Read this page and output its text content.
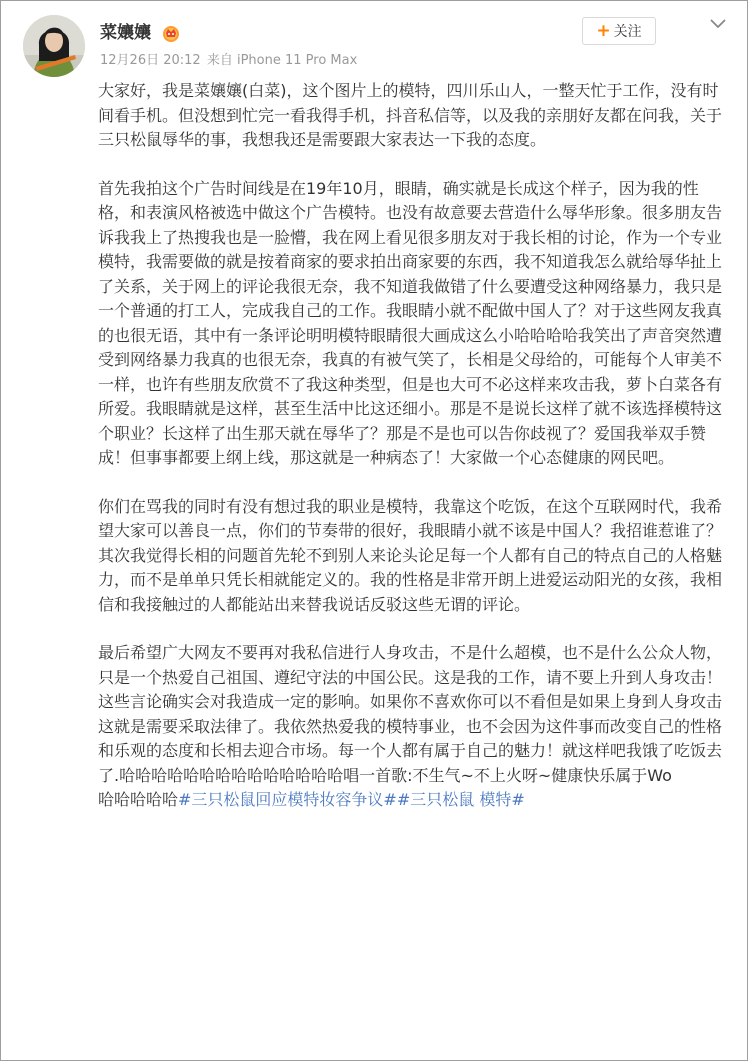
菜孃孃
12月26日 20:12 来自 iPhone 11 Pro Max
+ 关注

大家好，我是菜孃孃(白菜)，这个图片上的模特，四川乐山人，一整天忙于工作，没有时间看手机。但没想到忙完一看我得手机，抖音私信等，以及我的亲朋好友都在问我，关于三只松鼠辱华的事，我想我还是需要跟大家表达一下我的态度。

首先我拍这个广告时间线是在19年10月，眼睛，确实就是长成这个样子，因为我的性格，和表演风格被选中做这个广告模特。也没有故意要去营造什么辱华形象。很多朋友告诉我我上了热搜我也是一脸懵，我在网上看见很多朋友对于我长相的讨论，作为一个专业模特，我需要做的就是按着商家的要求拍出商家要的东西，我不知道我怎么就给辱华扯上了关系，关于网上的评论我很无奈，我不知道我做错了什么要遭受这种网络暴力，我只是一个普通的打工人，完成我自己的工作。我眼睛小就不配做中国人了？对于这些网友我真的也很无语，其中有一条评论明明模特眼睛很大画成这么小哈哈哈哈我笑出了声音突然遭受到网络暴力我真的也很无奈，我真的有被气笑了，长相是父母给的，可能每个人审美不一样，也许有些朋友欣赏不了我这种类型，但是也大可不必这样来攻击我，萝卜白菜各有所爱。我眼睛就是这样，甚至生活中比这还细小。那是不是说长这样了就不该选择模特这个职业？长这样了出生那天就在辱华了？那是不是也可以告你歧视了？爱国我举双手赞成！但事事都要上纲上线，那这就是一种病态了！大家做一个心态健康的网民吧。

你们在骂我的同时有没有想过我的职业是模特，我靠这个吃饭，在这个互联网时代，我希望大家可以善良一点，你们的节奏带的很好，我眼睛小就不该是中国人？我招谁惹谁了？

其次我觉得长相的问题首先轮不到别人来论头论足每一个人都有自己的特点自己的人格魅力，而不是单单只凭长相就能定义的。我的性格是非常开朗上进爱运动阳光的女孩，我相信和我接触过的人都能站出来替我说话反驳这些无谓的评论。

最后希望广大网友不要再对我私信进行人身攻击，不是什么超模，也不是什么公众人物，只是一个热爱自己祖国、遵纪守法的中国公民。这是我的工作，请不要上升到人身攻击！这些言论确实会对我造成一定的影响。如果你不喜欢你可以不看但是如果上身到人身攻击这就是需要采取法律了。我依然热爱我的模特事业，也不会因为这件事而改变自己的性格和乐观的态度和长相去迎合市场。每一个人都有属于自己的魅力！就这样吧我饿了吃饭去了.哈哈哈哈哈哈哈哈哈哈哈哈哈哈唱一首歌:不生气~不上火呀~健康快乐属于Wo

哈哈哈哈哈#三只松鼠回应模特妆容争议##三只松鼠 模特#
